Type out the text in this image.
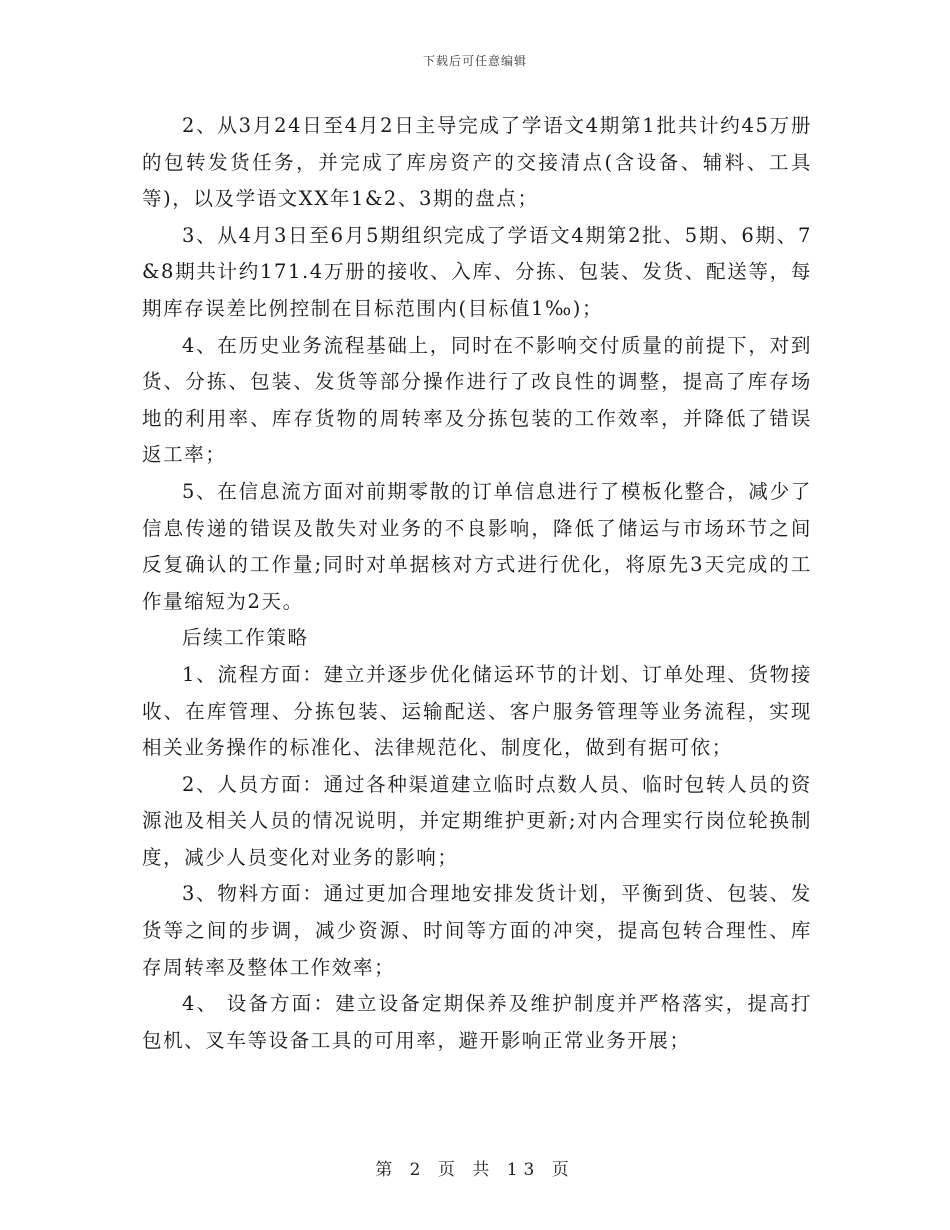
下载后可任意编辑

2、从3月24日至4月2日主导完成了学语文4期第1批共计约45万册的包转发货任务，并完成了库房资产的交接清点(含设备、辅料、工具等)，以及学语文XX年1&2、3期的盘点；

3、从4月3日至6月5期组织完成了学语文4期第2批、5期、6期、7&8期共计约171.4万册的接收、入库、分拣、包装、发货、配送等，每期库存误差比例控制在目标范围内(目标值1‰)；

4、在历史业务流程基础上，同时在不影响交付质量的前提下，对到货、分拣、包装、发货等部分操作进行了改良性的调整，提高了库存场地的利用率、库存货物的周转率及分拣包装的工作效率，并降低了错误返工率；

5、在信息流方面对前期零散的订单信息进行了模板化整合，减少了信息传递的错误及散失对业务的不良影响，降低了储运与市场环节之间反复确认的工作量;同时对单据核对方式进行优化，将原先3天完成的工作量缩短为2天。

后续工作策略

1、流程方面：建立并逐步优化储运环节的计划、订单处理、货物接收、在库管理、分拣包装、运输配送、客户服务管理等业务流程，实现相关业务操作的标准化、法律规范化、制度化，做到有据可依；

2、人员方面：通过各种渠道建立临时点数人员、临时包转人员的资源池及相关人员的情况说明，并定期维护更新;对内合理实行岗位轮换制度，减少人员变化对业务的影响；

3、物料方面：通过更加合理地安排发货计划，平衡到货、包装、发货等之间的步调，减少资源、时间等方面的冲突，提高包转合理性、库存周转率及整体工作效率；

4、 设备方面：建立设备定期保养及维护制度并严格落实，提高打包机、叉车等设备工具的可用率，避开影响正常业务开展；

第 2 页 共 13 页
